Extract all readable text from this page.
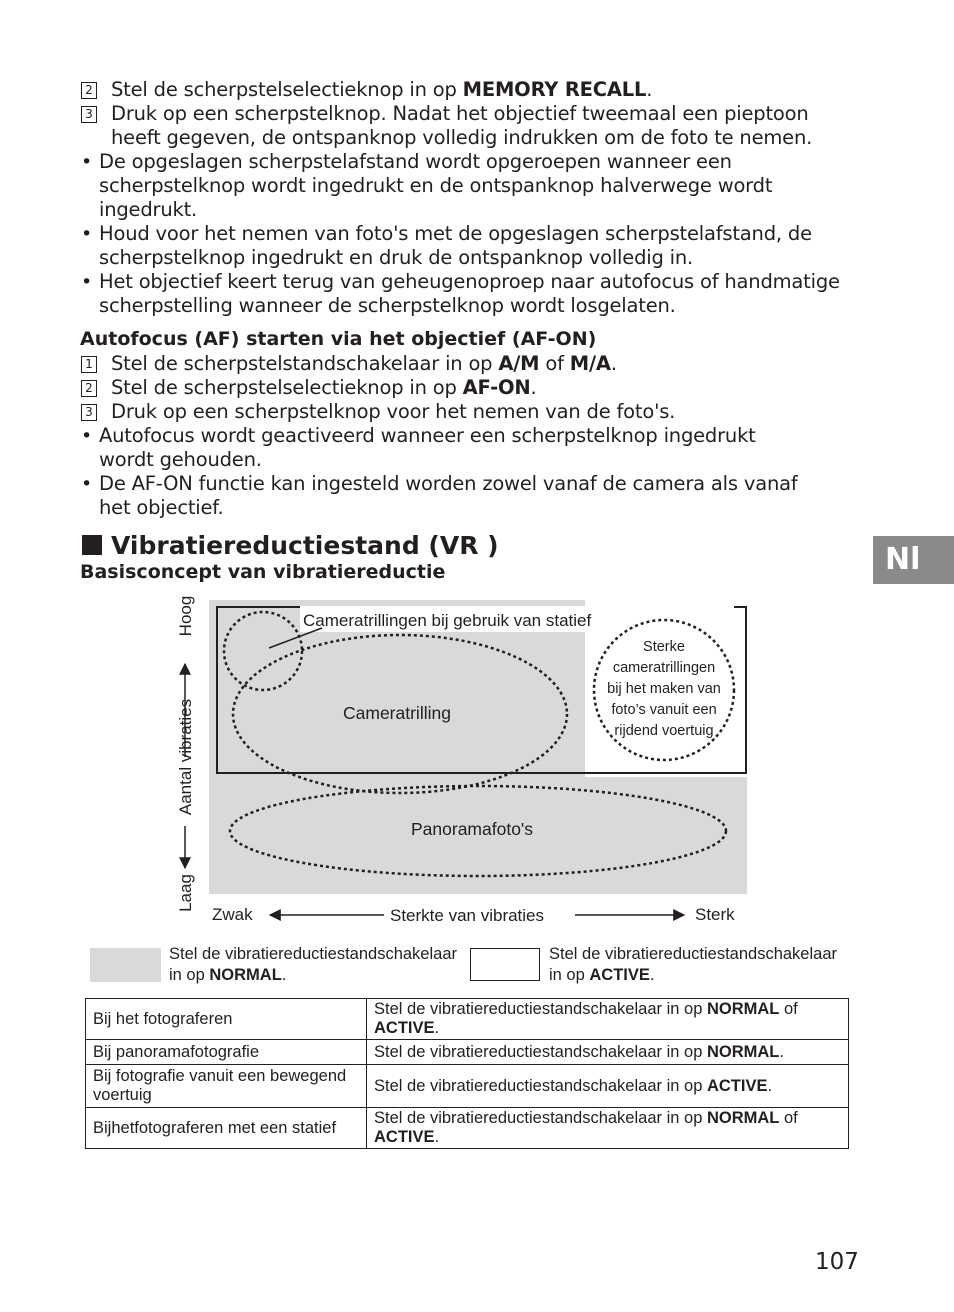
2 Stel de scherpstelselectieknop in op MEMORY RECALL.
3 Druk op een scherpstelknop. Nadat het objectief tweemaal een pieptoon
heeft gegeven, de ontspanknop volledig indrukken om de foto te nemen.
• De opgeslagen scherpstelafstand wordt opgeroepen wanneer een
scherpstelknop wordt ingedrukt en de ontspanknop halverwege wordt
ingedrukt.
• Houd voor het nemen van foto's met de opgeslagen scherpstelafstand, de
scherpstelknop ingedrukt en druk de ontspanknop volledig in.
• Het objectief keert terug van geheugenoproep naar autofocus of handmatige
scherpstelling wanneer de scherpstelknop wordt losgelaten.
Autofocus (AF) starten via het objectief (AF-ON)
1 Stel de scherpstelstandschakelaar in op A/M of M/A.
2 Stel de scherpstelselectieknop in op AF-ON.
3 Druk op een scherpstelknop voor het nemen van de foto's.
• Autofocus wordt geactiveerd wanneer een scherpstelknop ingedrukt
wordt gehouden.
• De AF-ON functie kan ingesteld worden zowel vanaf de camera als vanaf
het objectief.
Vibratiereductiestand (VR )
Basisconcept van vibratiereductie	Nl
Cameratrillingen bij gebruik van statief
Cameratrilling
Panoramafoto's
Sterke
cameratrillingen
bij het maken van
foto’s vanuit een
rijdend voertuig
Hoog
Aantal vibraties
Laag
Zwak	Sterkte van vibraties	Sterk
Stel de vibratiereductiestandschakelaar
in op NORMAL.
Stel de vibratiereductiestandschakelaar
in op ACTIVE.
Bij het fotograferen	Stel de vibratiereductiestandschakelaar in op NORMAL of ACTIVE.
Bij panoramafotografie	Stel de vibratiereductiestandschakelaar in op NORMAL.
Bij fotografie vanuit een bewegend
voertuig	Stel de vibratiereductiestandschakelaar in op ACTIVE.
Bijhetfotograferen met een statief	Stel de vibratiereductiestandschakelaar in op NORMAL of ACTIVE.
107
